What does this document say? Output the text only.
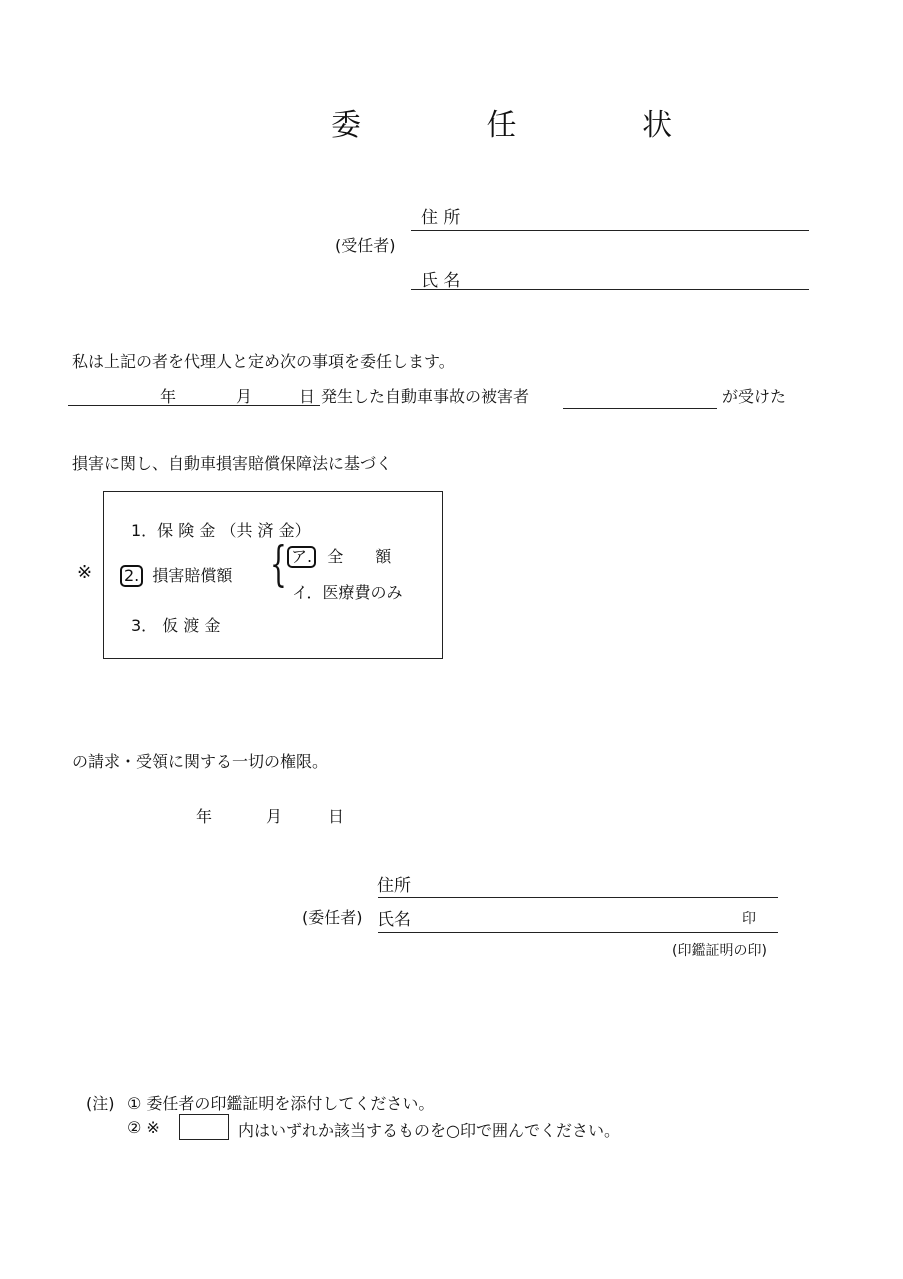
委 任 状
住 所
(受任者)
氏 名
私は上記の者を代理人と定め次の事項を委任します。
年	月	日 発生した自動車事故の被害者	が受けた
損害に関し、自動車損害賠償保障法に基づく
※
1．保 険 金 （共 済 金）
2. 損害賠償額 { ア. 全　　額
イ．医療費のみ
3． 仮 渡 金
の請求・受領に関する一切の権限。
年	月	日
住所
(委任者) 氏名	印
(印鑑証明の印)
(注) ① 委任者の印鑑証明を添付してください。
② ※	内はいずれか該当するものを○印で囲んでください。
